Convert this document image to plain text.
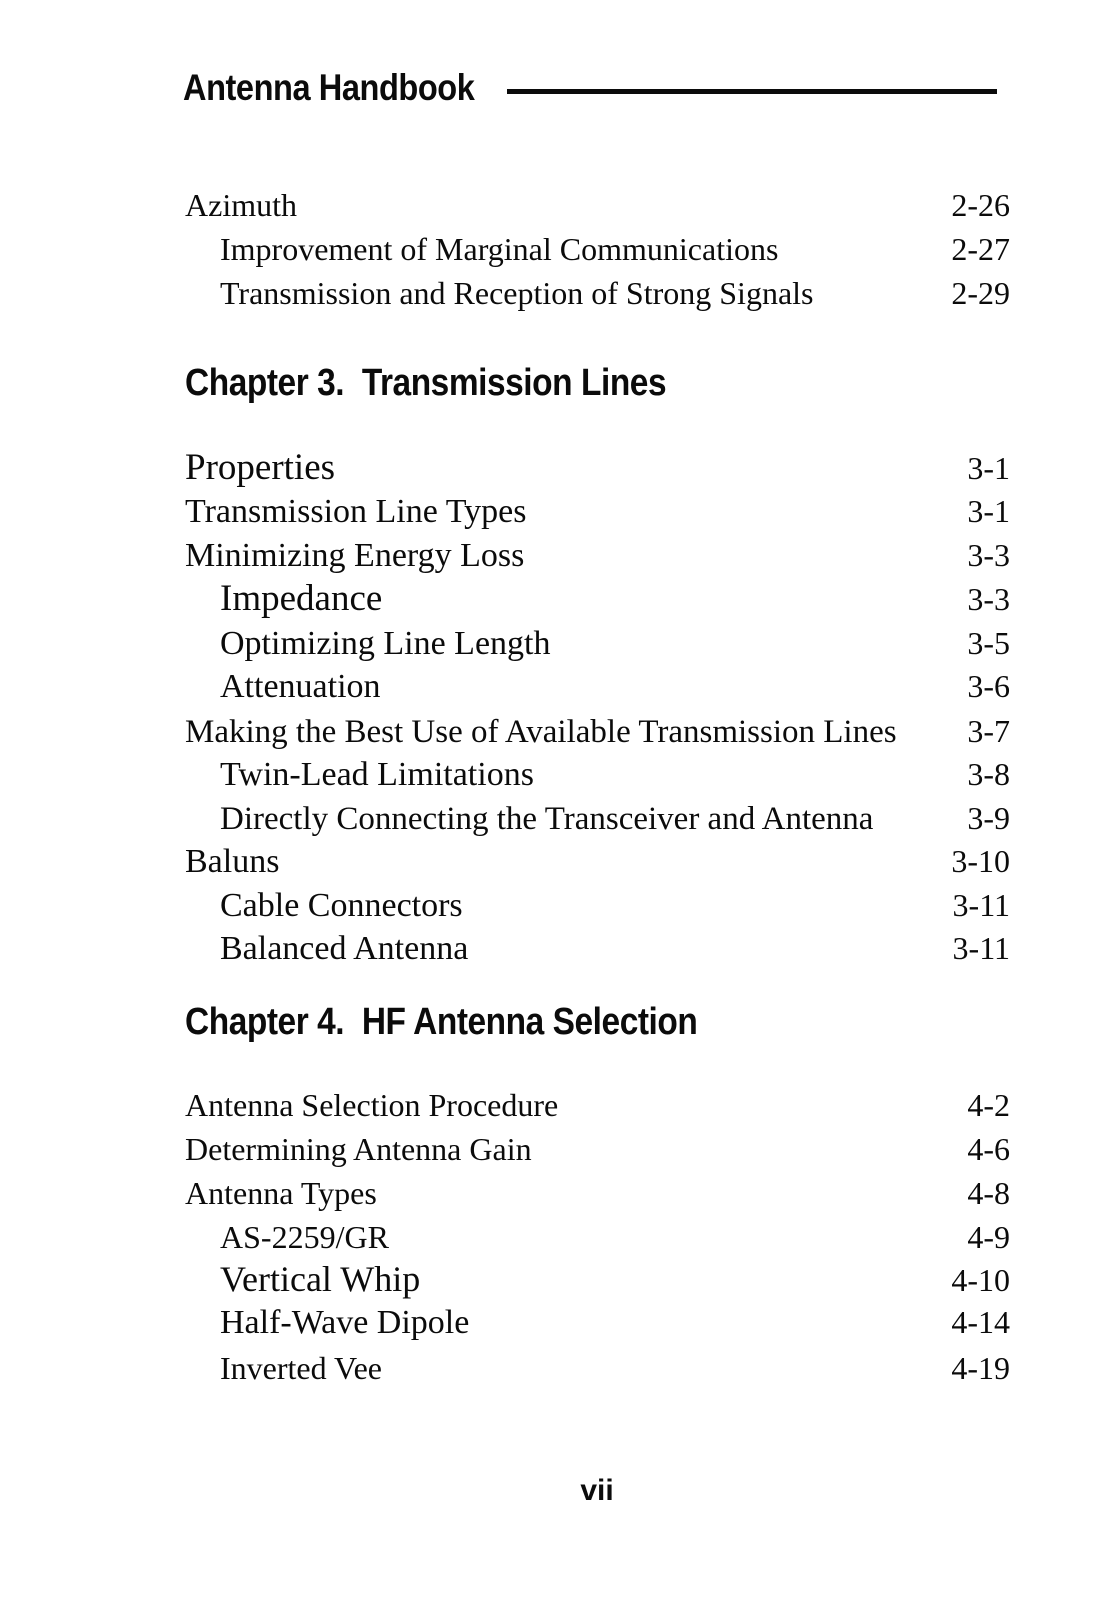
Antenna Handbook
Azimuth	2-26
Improvement of Marginal Communications	2-27
Transmission and Reception of Strong Signals	2-29
Chapter 3.  Transmission Lines
Properties	3-1
Transmission Line Types	3-1
Minimizing Energy Loss	3-3
Impedance	3-3
Optimizing Line Length	3-5
Attenuation	3-6
Making the Best Use of Available Transmission Lines 3-7
Twin-Lead Limitations	3-8
Directly Connecting the Transceiver and Antenna	3-9
Baluns	3-10
Cable Connectors	3-11
Balanced Antenna	3-11
Chapter 4.  HF Antenna Selection
Antenna Selection Procedure	4-2
Determining Antenna Gain	4-6
Antenna Types	4-8
AS-2259/GR	4-9
Vertical Whip	4-10
Half-Wave Dipole	4-14
Inverted Vee	4-19
vii
